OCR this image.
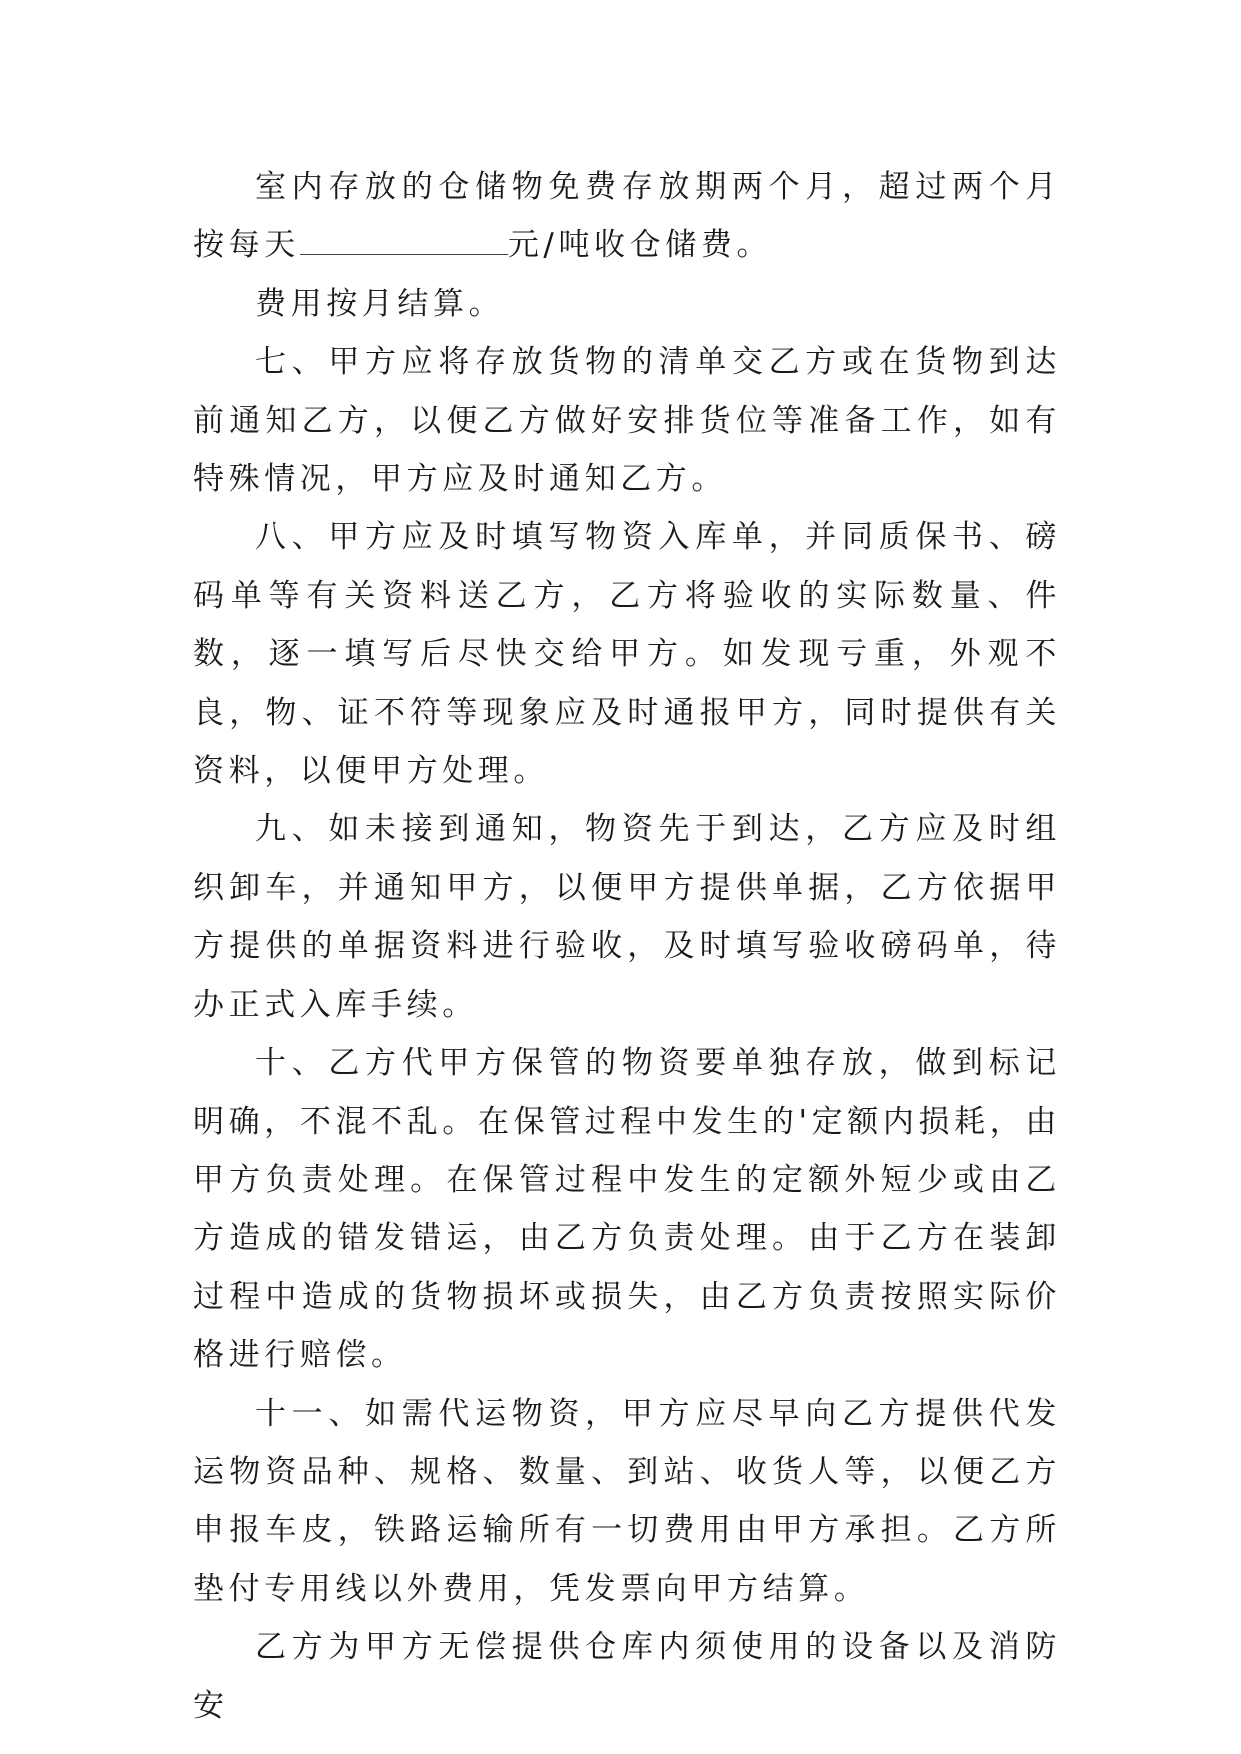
室内存放的仓储物免费存放期两个月，超过两个月按每天	元/吨收仓储费。

费用按月结算。

七、甲方应将存放货物的清单交乙方或在货物到达前通知乙方，以便乙方做好安排货位等准备工作，如有特殊情况，甲方应及时通知乙方。

八、甲方应及时填写物资入库单，并同质保书、磅码单等有关资料送乙方，乙方将验收的实际数量、件数，逐一填写后尽快交给甲方。如发现亏重，外观不良，物、证不符等现象应及时通报甲方，同时提供有关资料，以便甲方处理。

九、如未接到通知，物资先于到达，乙方应及时组织卸车，并通知甲方，以便甲方提供单据，乙方依据甲方提供的单据资料进行验收，及时填写验收磅码单，待办正式入库手续。

十、乙方代甲方保管的物资要单独存放，做到标记明确，不混不乱。在保管过程中发生的'定额内损耗，由甲方负责处理。在保管过程中发生的定额外短少或由乙方造成的错发错运，由乙方负责处理。由于乙方在装卸过程中造成的货物损坏或损失，由乙方负责按照实际价格进行赔偿。

十一、如需代运物资，甲方应尽早向乙方提供代发运物资品种、规格、数量、到站、收货人等，以便乙方申报车皮，铁路运输所有一切费用由甲方承担。乙方所垫付专用线以外费用，凭发票向甲方结算。

乙方为甲方无偿提供仓库内须使用的设备以及消防安
